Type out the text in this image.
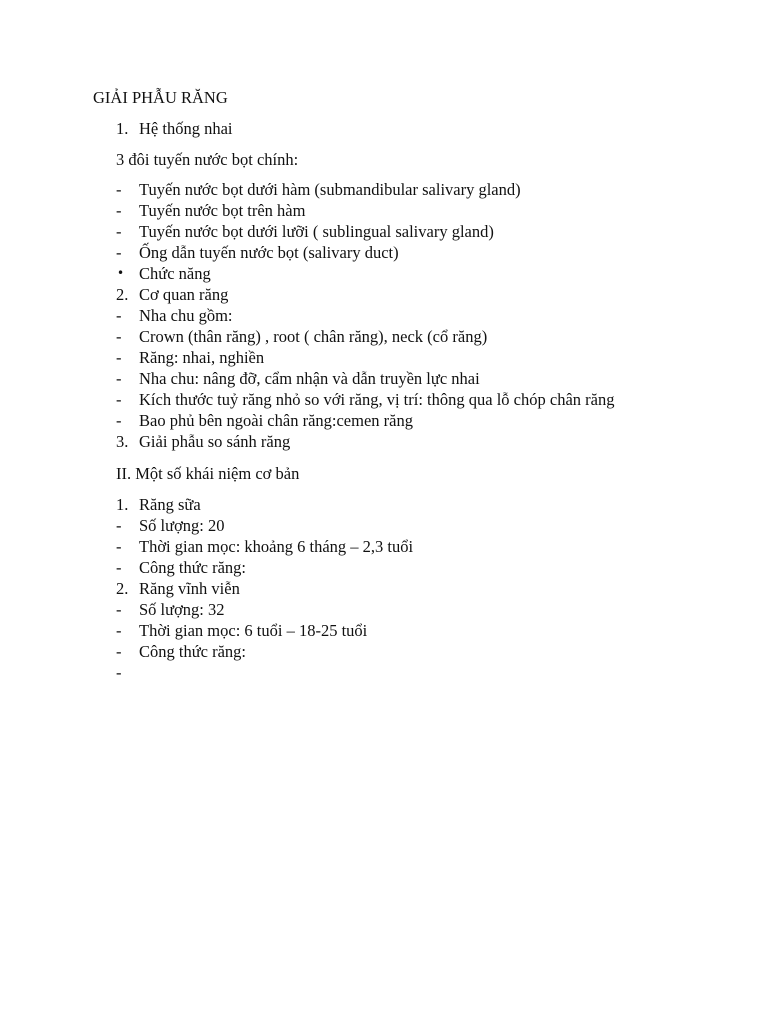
GIẢI PHẪU RĂNG
1. Hệ thống nhai
3 đôi tuyến nước bọt chính:
-	Tuyến nước bọt dưới hàm (submandibular salivary gland)
-	Tuyến nước bọt trên hàm
-	Tuyến nước bọt dưới lưỡi ( sublingual salivary gland)
-	Ống dẫn tuyến nước bọt (salivary duct)
• Chức năng
2. Cơ quan răng
-	Nha chu gồm:
-	Crown (thân răng) , root ( chân răng), neck (cổ răng)
-	Răng: nhai, nghiền
-	Nha chu: nâng đỡ, cẩm nhận và dẫn truyền lực nhai
-	Kích thước tuỷ răng nhỏ so với răng, vị trí: thông qua lỗ chóp chân răng
-	Bao phủ bên ngoài chân răng:cemen răng
3. Giải phẫu so sánh răng
II. Một số khái niệm cơ bản
1. Răng sữa
-	Số lượng: 20
-	Thời gian mọc: khoảng 6 tháng – 2,3 tuổi
-	Công thức răng:
2. Răng vĩnh viễn
-	Số lượng: 32
-	Thời gian mọc: 6 tuổi – 18-25 tuổi
-	Công thức răng:
-
